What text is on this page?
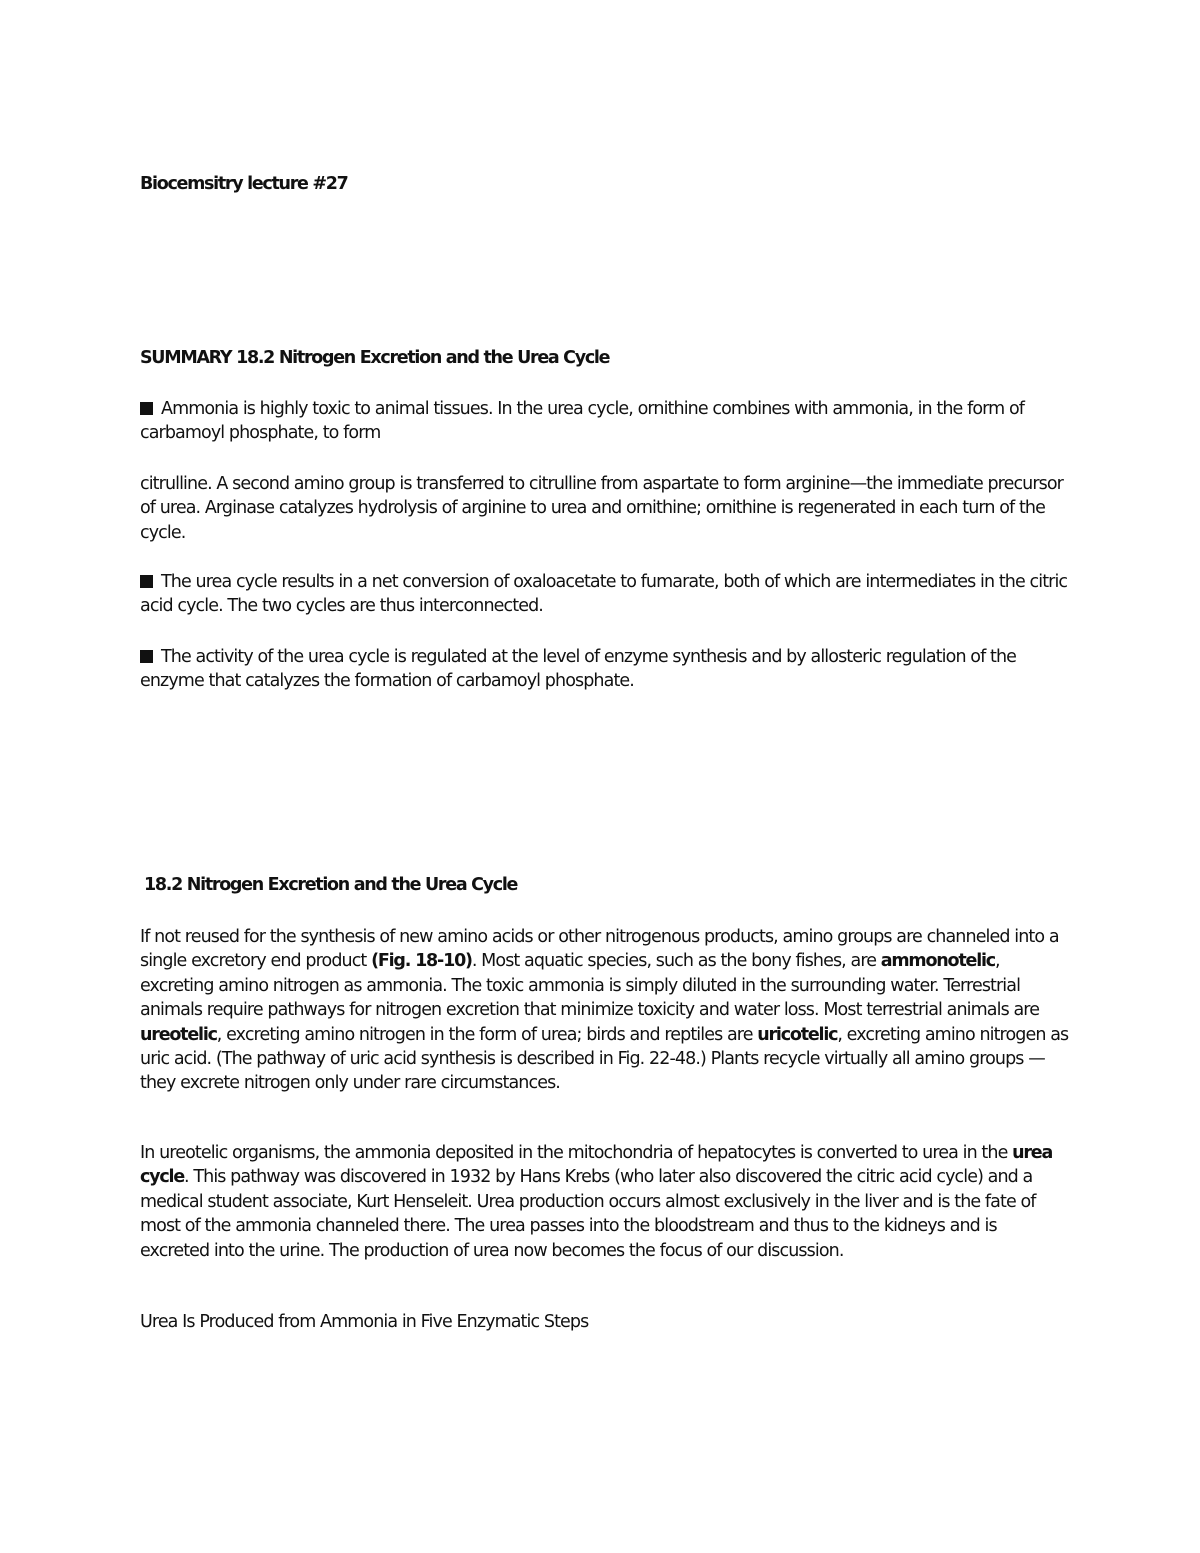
Biocemsitry lecture #27

SUMMARY 18.2 Nitrogen Excretion and the Urea Cycle

Ammonia is highly toxic to animal tissues. In the urea cycle, ornithine combines with ammonia, in the form of carbamoyl phosphate, to form

citrulline. A second amino group is transferred to citrulline from aspartate to form arginine—the immediate precursor of urea. Arginase catalyzes hydrolysis of arginine to urea and ornithine; ornithine is regenerated in each turn of the cycle.

The urea cycle results in a net conversion of oxaloacetate to fumarate, both of which are intermediates in the citric acid cycle. The two cycles are thus interconnected.

The activity of the urea cycle is regulated at the level of enzyme synthesis and by allosteric regulation of the enzyme that catalyzes the formation of carbamoyl phosphate.

18.2 Nitrogen Excretion and the Urea Cycle

If not reused for the synthesis of new amino acids or other nitrogenous products, amino groups are channeled into a single excretory end product (Fig. 18-10). Most aquatic species, such as the bony fishes, are ammonotelic, excreting amino nitrogen as ammonia. The toxic ammonia is simply diluted in the surrounding water. Terrestrial animals require pathways for nitrogen excretion that minimize toxicity and water loss. Most terrestrial animals are ureotelic, excreting amino nitrogen in the form of urea; birds and reptiles are uricotelic, excreting amino nitrogen as uric acid. (The pathway of uric acid synthesis is described in Fig. 22-48.) Plants recycle virtually all amino groups —they excrete nitrogen only under rare circumstances.

In ureotelic organisms, the ammonia deposited in the mitochondria of hepatocytes is converted to urea in the urea cycle. This pathway was discovered in 1932 by Hans Krebs (who later also discovered the citric acid cycle) and a medical student associate, Kurt Henseleit. Urea production occurs almost exclusively in the liver and is the fate of most of the ammonia channeled there. The urea passes into the bloodstream and thus to the kidneys and is excreted into the urine. The production of urea now becomes the focus of our discussion.

Urea Is Produced from Ammonia in Five Enzymatic Steps
